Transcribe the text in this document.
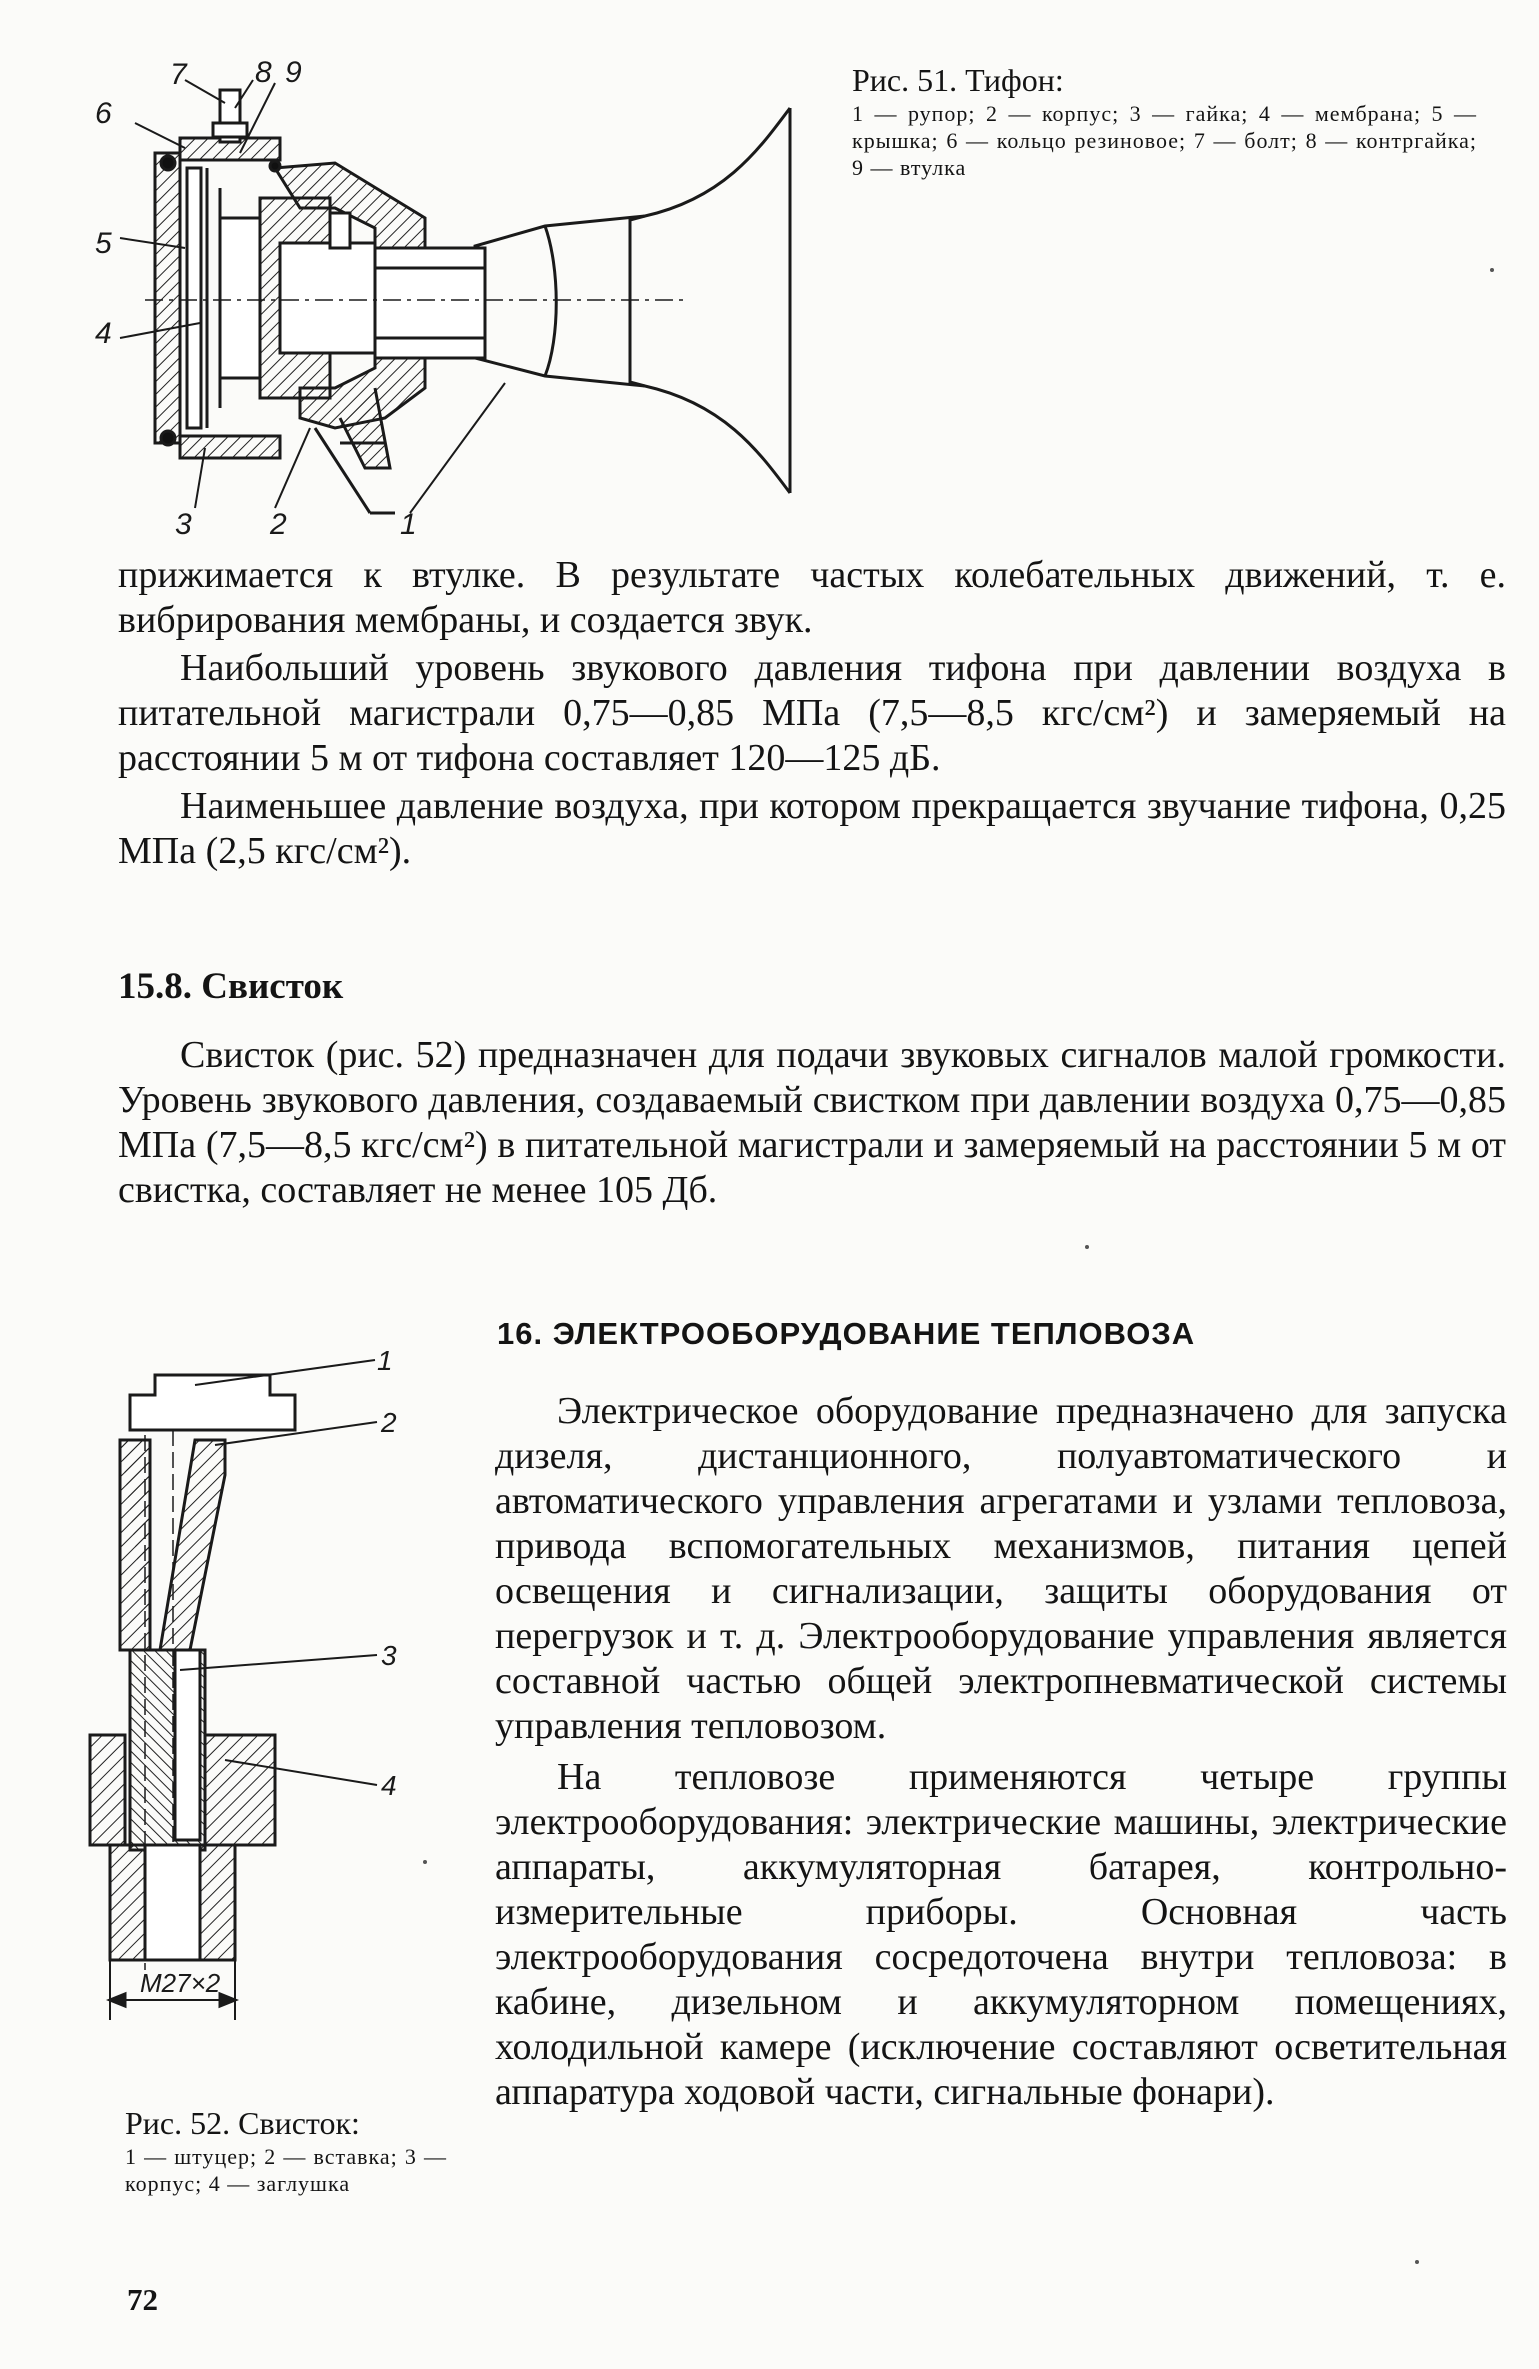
7 8 9
6
5
4
3	2	1
Рис. 51. Тифон:
1 — рупор; 2 — корпус; 3 — гайка; 4 — мембрана; 5 — крышка; 6 — кольцо резиновое; 7 — болт; 8 — контргайка; 9 — втулка

прижимается к втулке. В результате частых колебательных движений, т. е. вибрирования мембраны, и создается звук.

Наибольший уровень звукового давления тифона при давлении воздуха в питательной магистрали 0,75—0,85 МПа (7,5—8,5 кгс/см²) и замеряемый на расстоянии 5 м от тифона составляет 120—125 дБ.

Наименьшее давление воздуха, при котором прекращается звучание тифона, 0,25 МПа (2,5 кгс/см²).

15.8. Свисток
Свисток (рис. 52) предназначен для подачи звуковых сигналов малой громкости. Уровень звукового давления, создаваемый свистком при давлении воздуха 0,75—0,85 МПа (7,5—8,5 кгс/см²) в питательной магистрали и замеряемый на расстоянии 5 м от свистка, составляет не менее 105 Дб.
1
2
3
4
M27×2
Рис. 52. Свисток:
1 — штуцер; 2 — вставка; 3 — корпус; 4 — заглушка
16. ЭЛЕКТРООБОРУДОВАНИЕ ТЕПЛОВОЗА

Электрическое оборудование предназначено для запуска дизеля, дистанционного, полуавтоматического и автоматического управления агрегатами и узлами тепловоза, привода вспомогательных механизмов, питания цепей освещения и сигнализации, защиты оборудования от перегрузок и т. д. Электрооборудование управления является составной частью общей электропневматической системы управления тепловозом.

На тепловозе применяются четыре группы электрооборудования: электрические машины, электрические аппараты, аккумуляторная батарея, контрольно-измерительные приборы. Основная часть электрооборудования сосредоточена внутри тепловоза: в кабине, дизельном и аккумуляторном помещениях, холодильной камере (исключение составляют осветительная аппаратура ходовой части, сигнальные фонари).

72
